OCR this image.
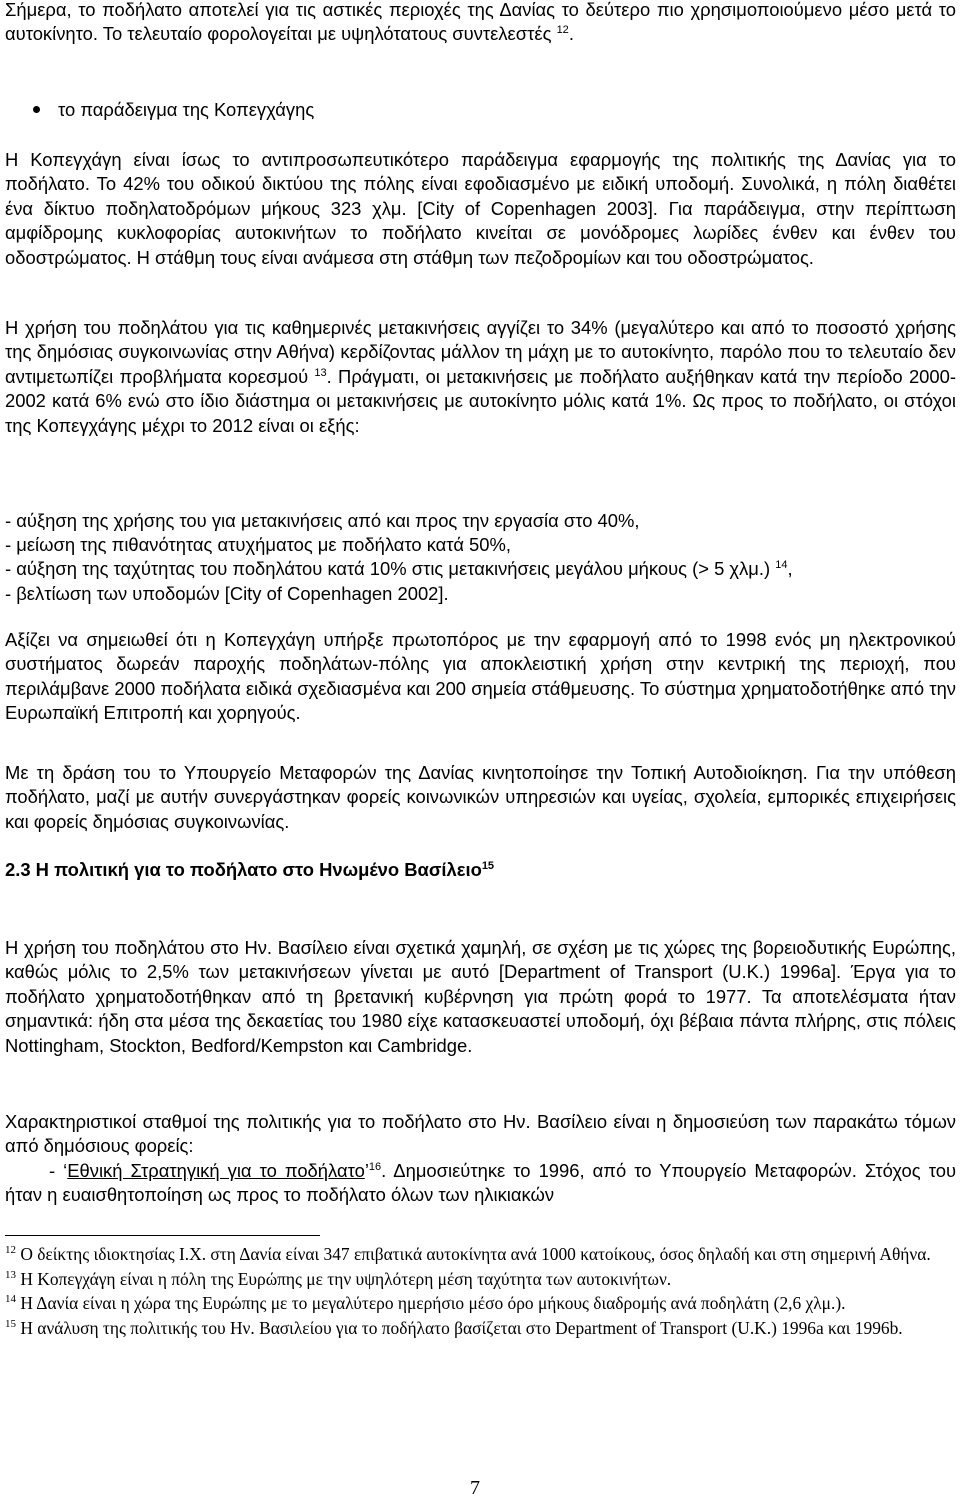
Σήμερα, το ποδήλατο αποτελεί για τις αστικές περιοχές της Δανίας το δεύτερο πιο χρησιμοποιούμενο μέσο μετά το αυτοκίνητο. Το τελευταίο φορολογείται με υψηλότατους συντελεστές $^{12}$.

το παράδειγμα της Κοπεγχάγης

Η Κοπεγχάγη είναι ίσως το αντιπροσωπευτικότερο παράδειγμα εφαρμογής της πολιτικής της Δανίας για το ποδήλατο. Το 42% του οδικού δικτύου της πόλης είναι εφοδιασμένο με ειδική υποδομή. Συνολικά, η πόλη διαθέτει ένα δίκτυο ποδηλατοδρόμων μήκους 323 χλμ. [City of Copenhagen 2003]. Για παράδειγμα, στην περίπτωση αμφίδρομης κυκλοφορίας αυτοκινήτων το ποδήλατο κινείται σε μονόδρομες λωρίδες ένθεν και ένθεν του οδοστρώματος. Η στάθμη τους είναι ανάμεσα στη στάθμη των πεζοδρομίων και του οδοστρώματος.

Η χρήση του ποδηλάτου για τις καθημερινές μετακινήσεις αγγίζει το 34% (μεγαλύτερο και από το ποσοστό χρήσης της δημόσιας συγκοινωνίας στην Αθήνα) κερδίζοντας μάλλον τη μάχη με το αυτοκίνητο, παρόλο που το τελευταίο δεν αντιμετωπίζει προβλήματα κορεσμού $^{13}$. Πράγματι, οι μετακινήσεις με ποδήλατο αυξήθηκαν κατά την περίοδο 2000-2002 κατά 6% ενώ στο ίδιο διάστημα οι μετακινήσεις με αυτοκίνητο μόλις κατά 1%. Ως προς το ποδήλατο, οι στόχοι της Κοπεγχάγης μέχρι το 2012 είναι οι εξής:

- αύξηση της χρήσης του για μετακινήσεις από και προς την εργασία στο 40%,

- μείωση της πιθανότητας ατυχήματος με ποδήλατο κατά 50%,

- αύξηση της ταχύτητας του ποδηλάτου κατά 10% στις μετακινήσεις μεγάλου μήκους (> 5 χλμ.) $^{14}$,

- βελτίωση των υποδομών [City of Copenhagen 2002].

Αξίζει να σημειωθεί ότι η Κοπεγχάγη υπήρξε πρωτοπόρος με την εφαρμογή από το 1998 ενός μη ηλεκτρονικού συστήματος δωρεάν παροχής ποδηλάτων-πόλης για αποκλειστική χρήση στην κεντρική της περιοχή, που περιλάμβανε 2000 ποδήλατα ειδικά σχεδιασμένα και 200 σημεία στάθμευσης. Το σύστημα χρηματοδοτήθηκε από την Ευρωπαϊκή Επιτροπή και χορηγούς.

Με τη δράση του το Υπουργείο Μεταφορών της Δανίας κινητοποίησε την Τοπική Αυτοδιοίκηση. Για την υπόθεση ποδήλατο, μαζί με αυτήν συνεργάστηκαν φορείς κοινωνικών υπηρεσιών και υγείας, σχολεία, εμπορικές επιχειρήσεις και φορείς δημόσιας συγκοινωνίας.

2.3 Η πολιτική για το ποδήλατο στο Ηνωμένο Βασίλειο$^{15}$

Η χρήση του ποδηλάτου στο Ην. Βασίλειο είναι σχετικά χαμηλή, σε σχέση με τις χώρες της βορειοδυτικής Ευρώπης, καθώς μόλις το 2,5% των μετακινήσεων γίνεται με αυτό [Department of Transport (U.K.) 1996a]. Έργα για το ποδήλατο χρηματοδοτήθηκαν από τη βρετανική κυβέρνηση για πρώτη φορά το 1977. Τα αποτελέσματα ήταν σημαντικά: ήδη στα μέσα της δεκαετίας του 1980 είχε κατασκευαστεί υποδομή, όχι βέβαια πάντα πλήρης, στις πόλεις Nottingham, Stockton, Bedford/Kempston και Cambridge.

Χαρακτηριστικοί σταθμοί της πολιτικής για το ποδήλατο στο Ην. Βασίλειο είναι η δημοσιεύση των παρακάτω τόμων από δημόσιους φορείς:
- ‘Εθνική Στρατηγική για το ποδήλατο’$^{16}$. Δημοσιεύτηκε το 1996, από το Υπουργείο Μεταφορών. Στόχος του ήταν η ευαισθητοποίηση ως προς το ποδήλατο όλων των ηλικιακών

$^{12}$ Ο δείκτης ιδιοκτησίας Ι.Χ. στη Δανία είναι 347 επιβατικά αυτοκίνητα ανά 1000 κατοίκους, όσος δηλαδή και στη σημερινή Αθήνα.

$^{13}$ Η Κοπεγχάγη είναι η πόλη της Ευρώπης με την υψηλότερη μέση ταχύτητα των αυτοκινήτων.

$^{14}$ Η Δανία είναι η χώρα της Ευρώπης με το μεγαλύτερο ημερήσιο μέσο όρο μήκους διαδρομής ανά ποδηλάτη (2,6 χλμ.).

$^{15}$ Η ανάλυση της πολιτικής του Ην. Βασιλείου για το ποδήλατο βασίζεται στο Department of Transport (U.K.) 1996a και 1996b.

7
